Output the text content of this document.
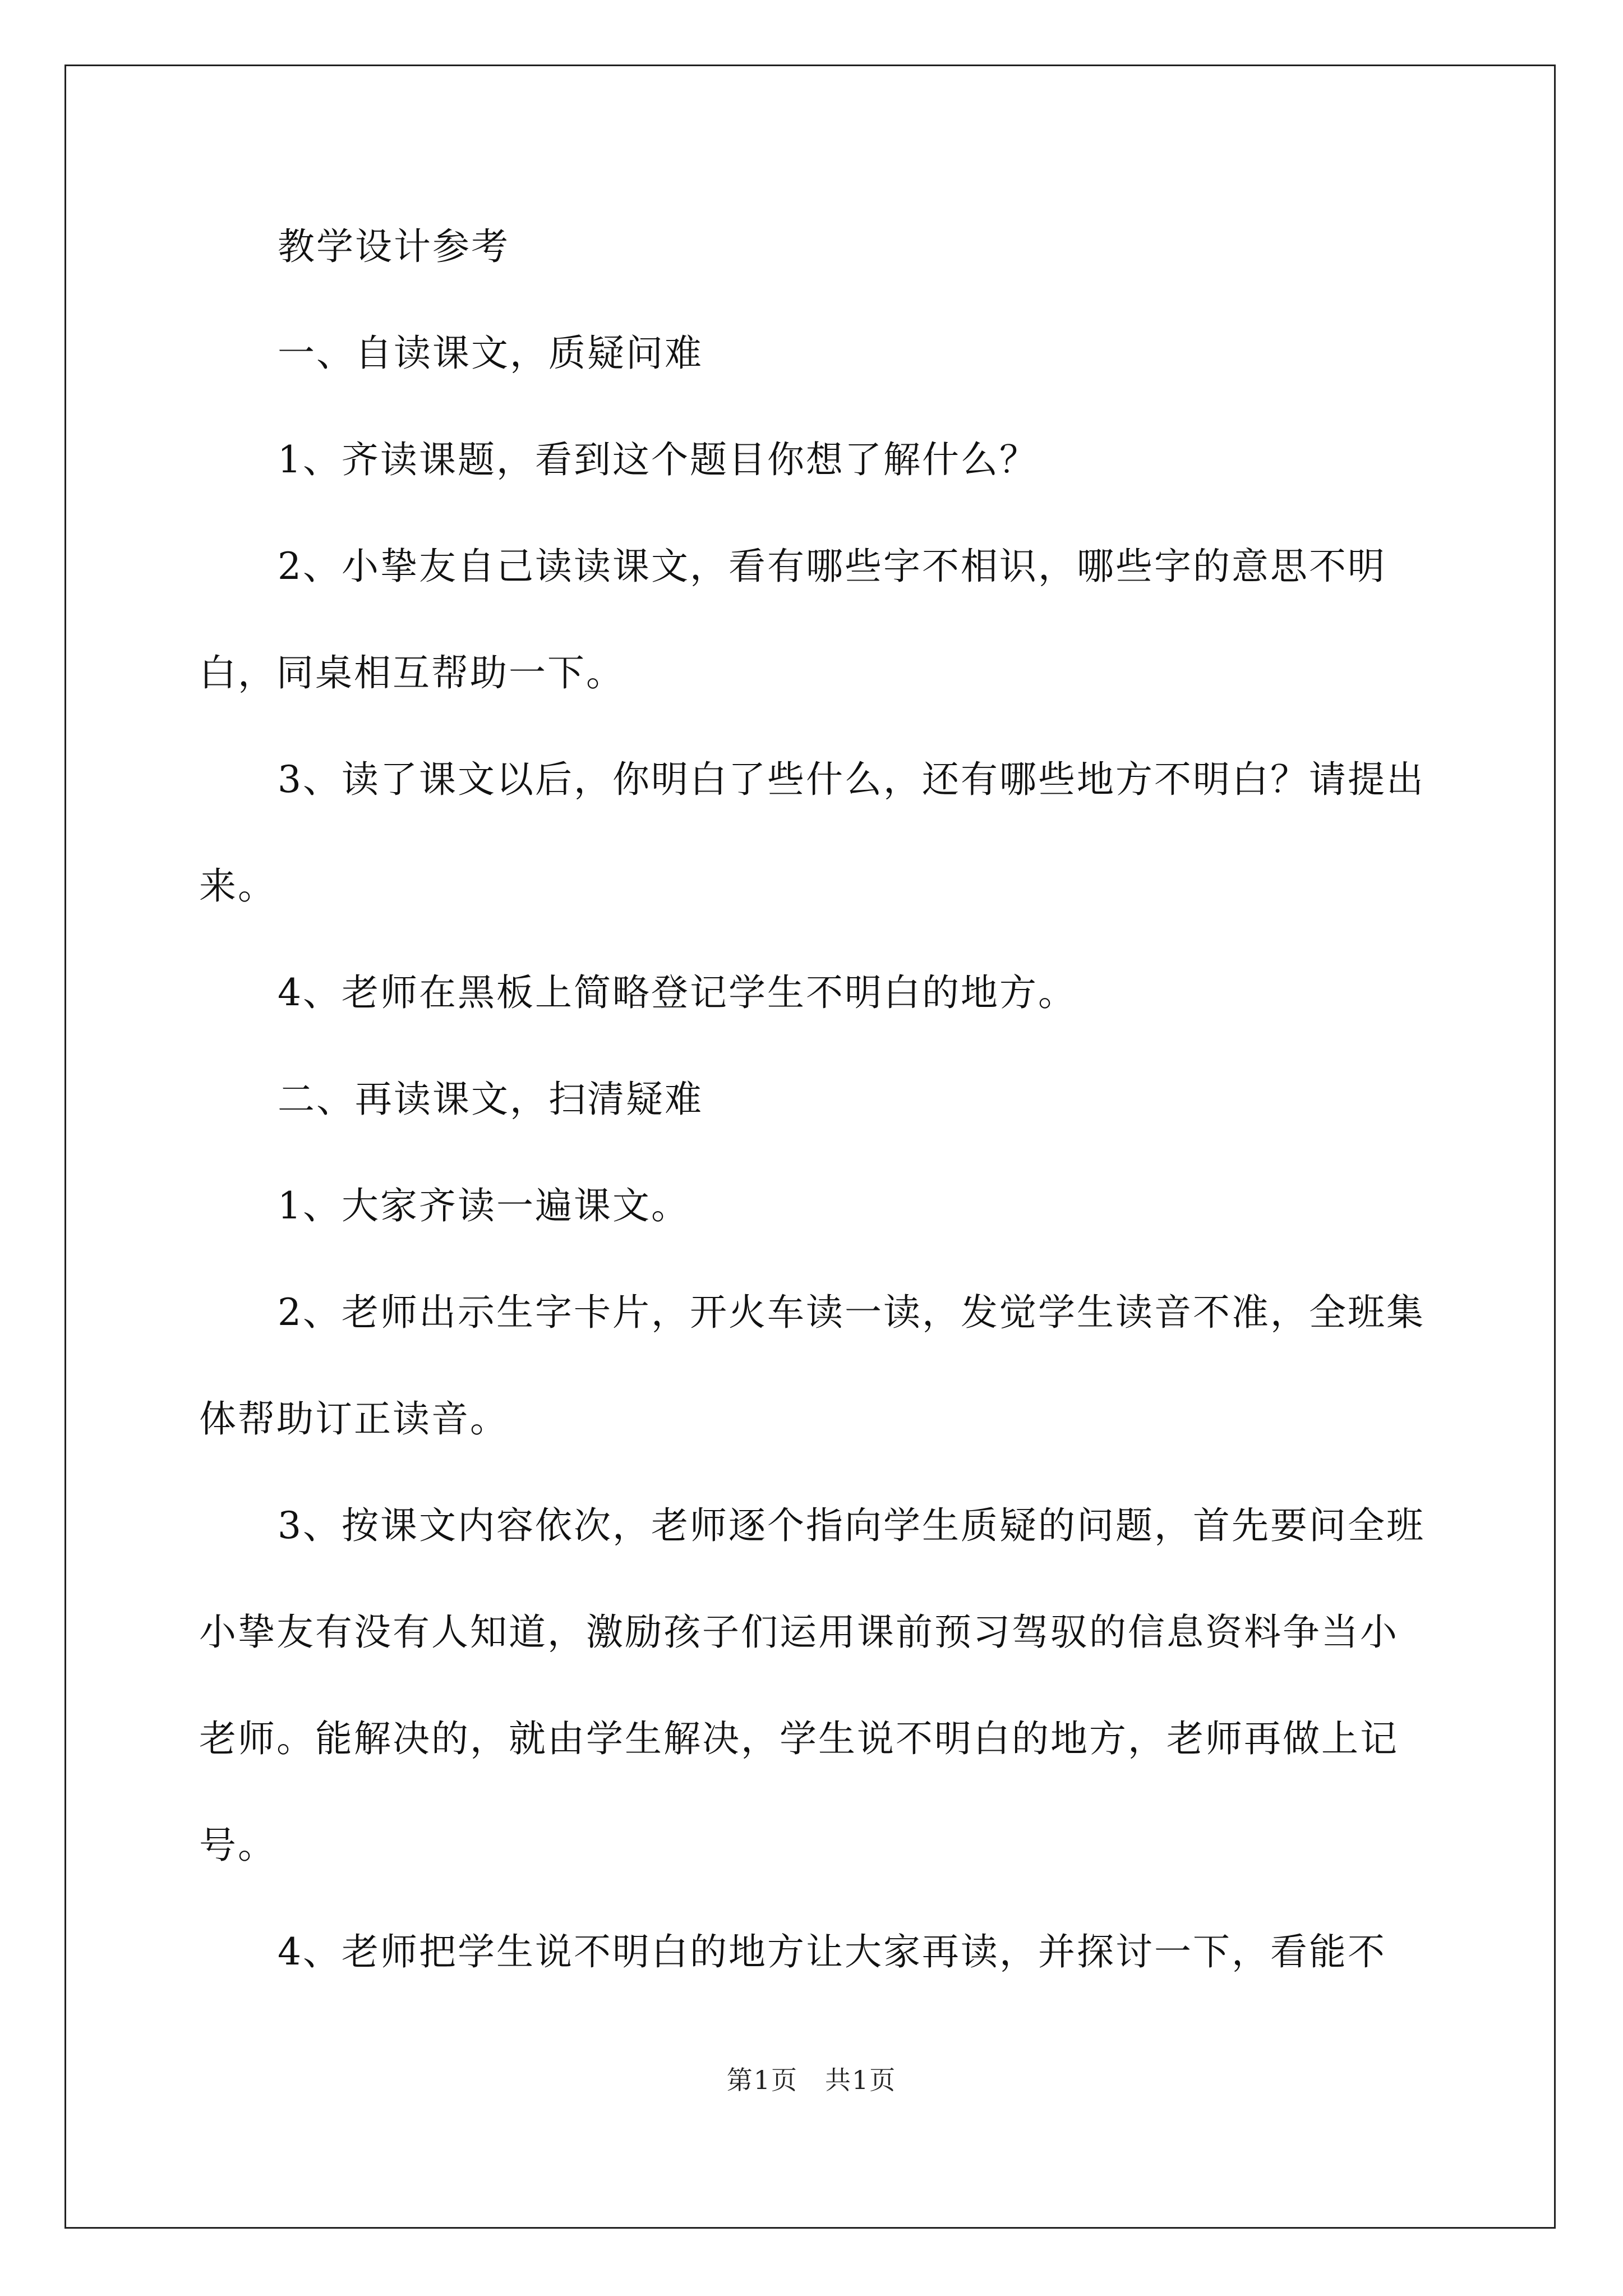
教学设计参考

一、自读课文，质疑问难

1、齐读课题，看到这个题目你想了解什么？

2、小挚友自己读读课文，看有哪些字不相识，哪些字的意思不明白，同桌相互帮助一下。

3、读了课文以后，你明白了些什么，还有哪些地方不明白？请提出来。

4、老师在黑板上简略登记学生不明白的地方。

二、再读课文，扫清疑难

1、大家齐读一遍课文。

2、老师出示生字卡片，开火车读一读，发觉学生读音不准，全班集体帮助订正读音。

3、按课文内容依次，老师逐个指向学生质疑的问题，首先要问全班小挚友有没有人知道，激励孩子们运用课前预习驾驭的信息资料争当小老师。能解决的，就由学生解决，学生说不明白的地方，老师再做上记号。

4、老师把学生说不明白的地方让大家再读，并探讨一下，看能不

第1页　共1页
